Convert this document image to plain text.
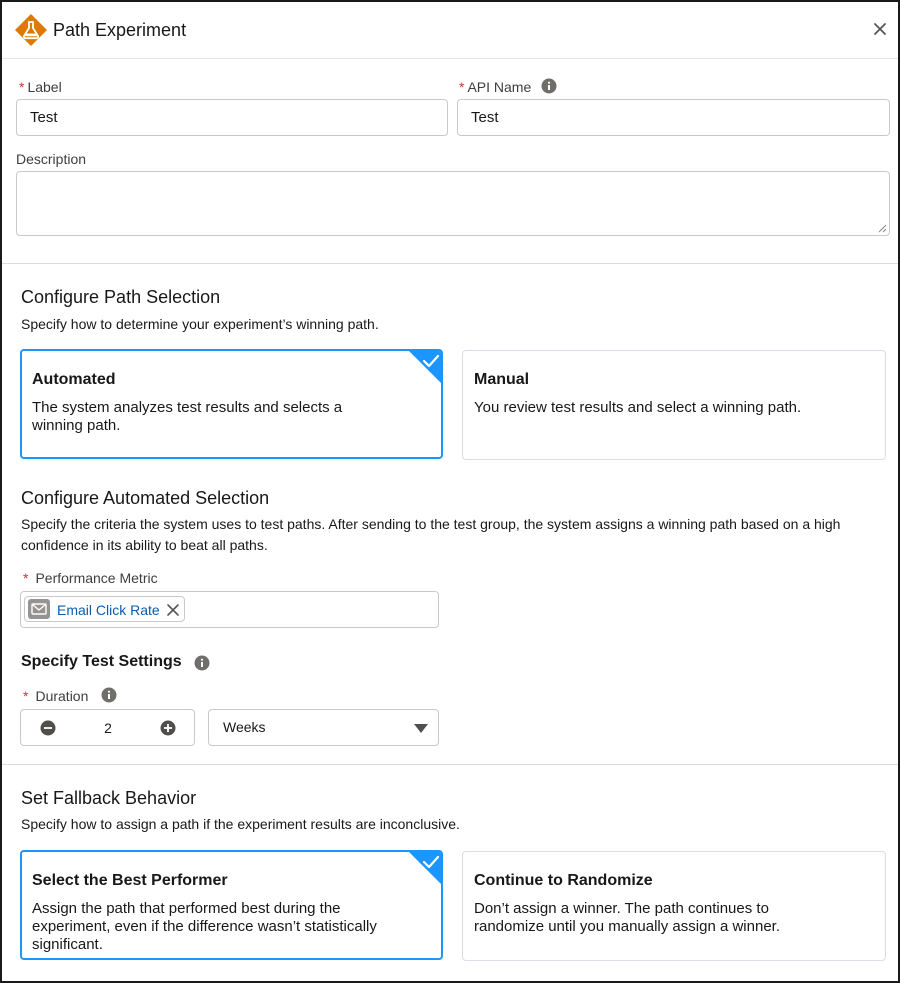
Path Experiment
* Label
Test	* API Name
Test
Description
Configure Path Selection
Specify how to determine your experiment’s winning path.
Automated
The system analyzes test results and selects a winning path.
Manual
You review test results and select a winning path.
Configure Automated Selection
Specify the criteria the system uses to test paths. After sending to the test group, the system assigns a winning path based on a high confidence in its ability to beat all paths.
* Performance Metric
Email Click Rate
Specify Test Settings
* Duration
2	Weeks
Set Fallback Behavior
Specify how to assign a path if the experiment results are inconclusive.
Select the Best Performer
Assign the path that performed best during the experiment, even if the difference wasn’t statistically significant.
Continue to Randomize
Don’t assign a winner. The path continues to randomize until you manually assign a winner.
